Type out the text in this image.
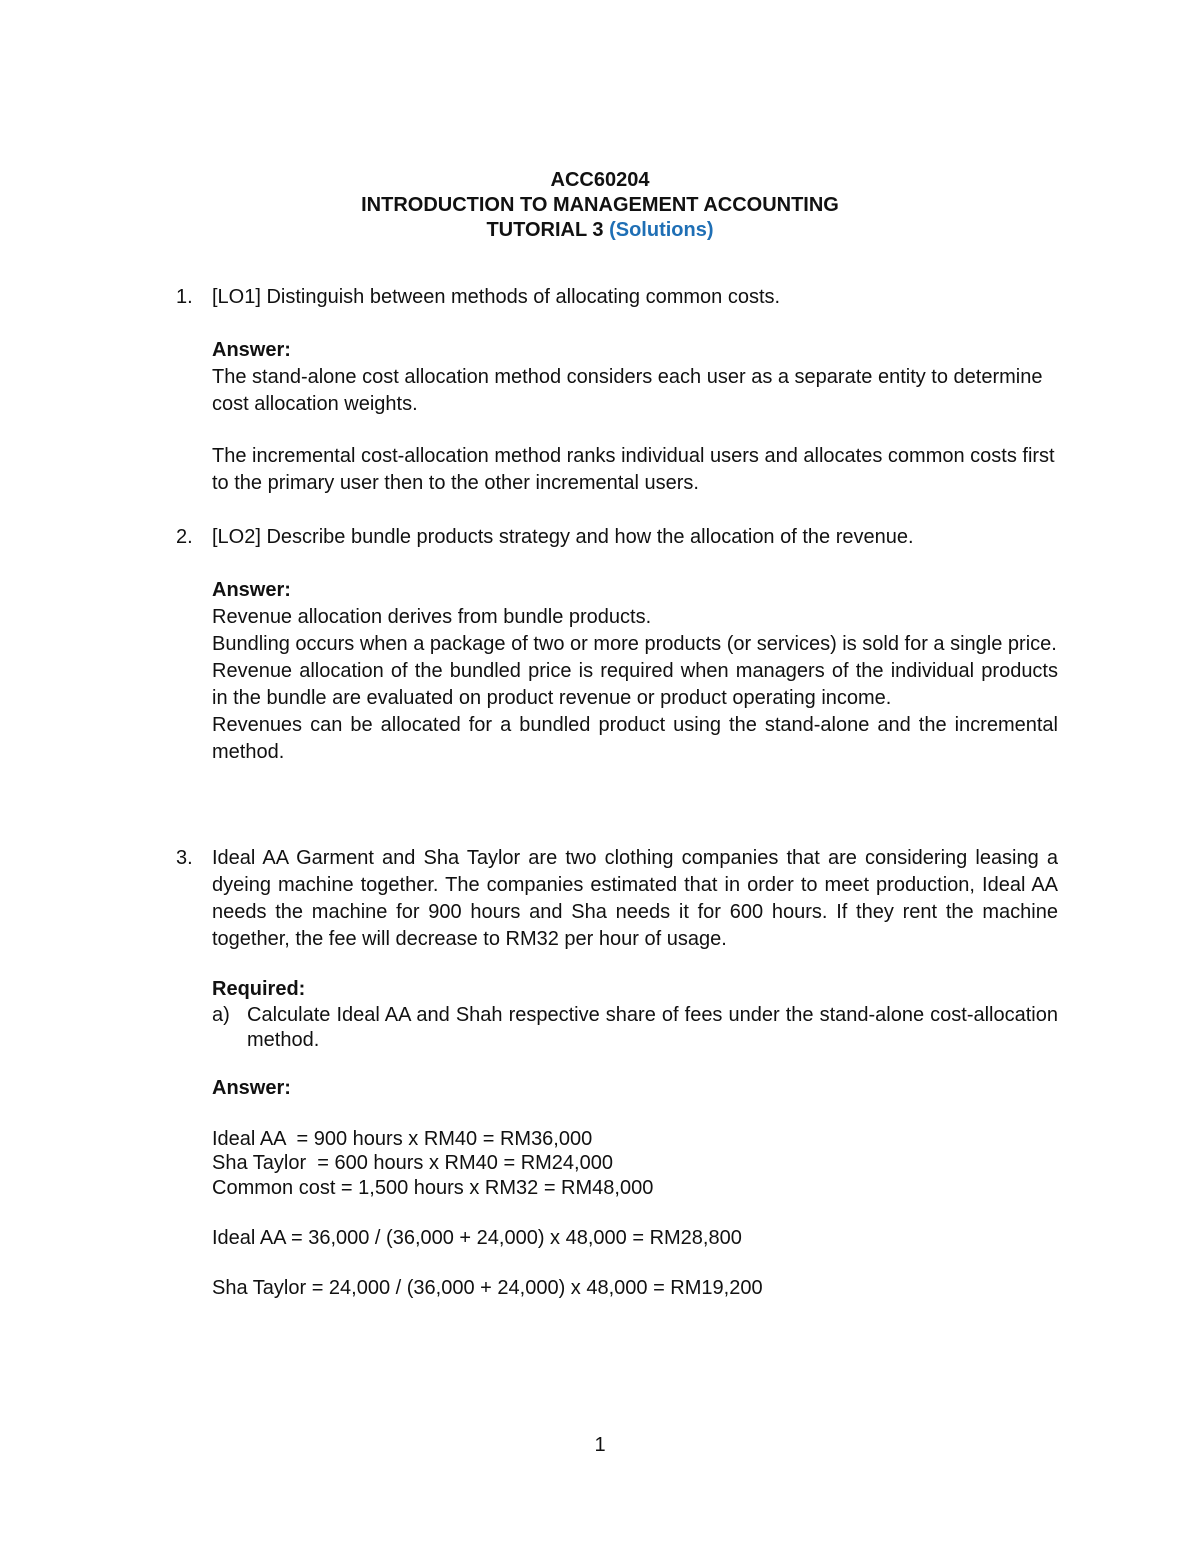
ACC60204
INTRODUCTION TO MANAGEMENT ACCOUNTING
TUTORIAL 3 (Solutions)
1. [LO1] Distinguish between methods of allocating common costs.

Answer:

The stand-alone cost allocation method considers each user as a separate entity to determine cost allocation weights.

The incremental cost-allocation method ranks individual users and allocates common costs first to the primary user then to the other incremental users.

2. [LO2] Describe bundle products strategy and how the allocation of the revenue.

Answer:

Revenue allocation derives from bundle products.

Bundling occurs when a package of two or more products (or services) is sold for a single price.

Revenue allocation of the bundled price is required when managers of the individual products in the bundle are evaluated on product revenue or product operating income.

Revenues can be allocated for a bundled product using the stand-alone and the incremental method.

3. Ideal AA Garment and Sha Taylor are two clothing companies that are considering leasing a dyeing machine together. The companies estimated that in order to meet production, Ideal AA needs the machine for 900 hours and Sha needs it for 600 hours. If they rent the machine together, the fee will decrease to RM32 per hour of usage.

Required:

a) Calculate Ideal AA and Shah respective share of fees under the stand-alone cost-allocation method.

Answer:

Ideal AA  = 900 hours x RM40 = RM36,000
Sha Taylor  = 600 hours x RM40 = RM24,000
Common cost = 1,500 hours x RM32 = RM48,000
Ideal AA = 36,000 / (36,000 + 24,000) x 48,000 = RM28,800
Sha Taylor = 24,000 / (36,000 + 24,000) x 48,000 = RM19,200
1
